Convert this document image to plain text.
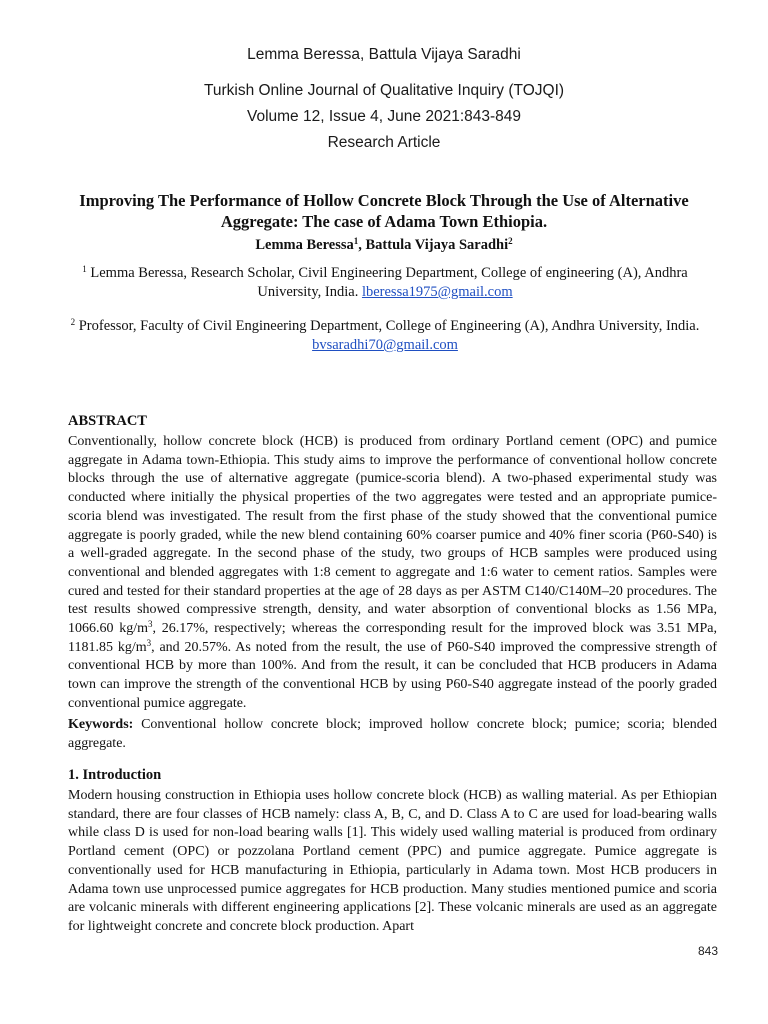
Lemma Beressa, Battula Vijaya Saradhi
Turkish Online Journal of Qualitative Inquiry (TOJQI)
Volume 12, Issue 4, June 2021:843-849
Research Article
Improving The Performance of Hollow Concrete Block Through the Use of Alternative Aggregate: The case of Adama Town Ethiopia.
Lemma Beressa$^1$, Battula Vijaya Saradhi$^2$
$^1$ Lemma Beressa, Research Scholar, Civil Engineering Department, College of engineering (A), Andhra University, India. lberessa1975@gmail.com
$^2$ Professor, Faculty of Civil Engineering Department, College of Engineering (A), Andhra University, India. bvsaradhi70@gmail.com
ABSTRACT

Conventionally, hollow concrete block (HCB) is produced from ordinary Portland cement (OPC) and pumice aggregate in Adama town-Ethiopia. This study aims to improve the performance of conventional hollow concrete blocks through the use of alternative aggregate (pumice-scoria blend). A two-phased experimental study was conducted where initially the physical properties of the two aggregates were tested and an appropriate pumice-scoria blend was investigated. The result from the first phase of the study showed that the conventional pumice aggregate is poorly graded, while the new blend containing 60% coarser pumice and 40% finer scoria (P60-S40) is a well-graded aggregate. In the second phase of the study, two groups of HCB samples were produced using conventional and blended aggregates with 1:8 cement to aggregate and 1:6 water to cement ratios. Samples were cured and tested for their standard properties at the age of 28 days as per ASTM C140/C140M–20 procedures. The test results showed compressive strength, density, and water absorption of conventional blocks as 1.56 MPa, 1066.60 $kg/m^3$, 26.17%, respectively; whereas the corresponding result for the improved block was 3.51 MPa, 1181.85 $kg/m^3$, and 20.57%. As noted from the result, the use of P60-S40 improved the compressive strength of conventional HCB by more than 100%. And from the result, it can be concluded that HCB producers in Adama town can improve the strength of the conventional HCB by using P60-S40 aggregate instead of the poorly graded conventional pumice aggregate.

Keywords: Conventional hollow concrete block; improved hollow concrete block; pumice; scoria; blended aggregate.

1. Introduction

Modern housing construction in Ethiopia uses hollow concrete block (HCB) as walling material. As per Ethiopian standard, there are four classes of HCB namely: class A, B, C, and D. Class A to C are used for load-bearing walls while class D is used for non-load bearing walls [1]. This widely used walling material is produced from ordinary Portland cement (OPC) or pozzolana Portland cement (PPC) and pumice aggregate. Pumice aggregate is conventionally used for HCB manufacturing in Ethiopia, particularly in Adama town. Most HCB producers in Adama town use unprocessed pumice aggregates for HCB production. Many studies mentioned pumice and scoria are volcanic minerals with different engineering applications [2]. These volcanic minerals are used as an aggregate for lightweight concrete and concrete block production. Apart

843
